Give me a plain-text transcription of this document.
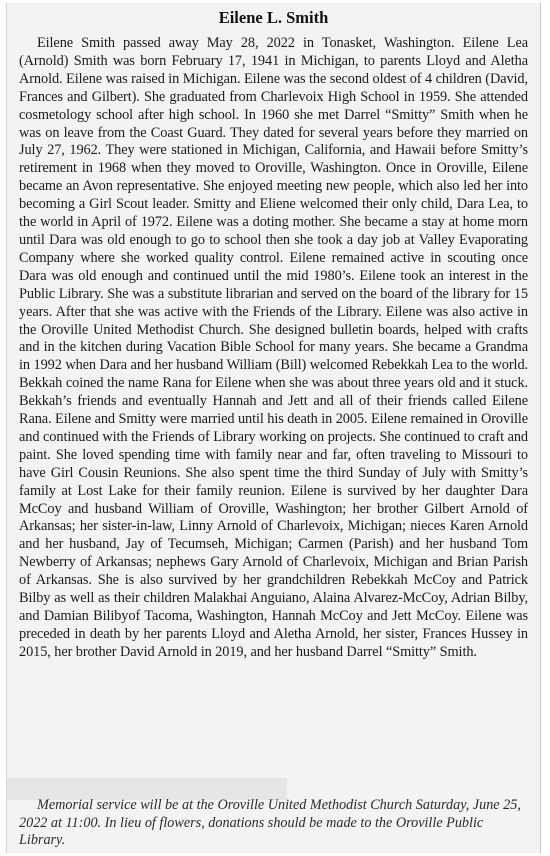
Eilene L. Smith

Eilene Smith passed away May 28, 2022 in Tonasket, Washington. Eilene Lea (Arnold) Smith was born February 17, 1941 in Michigan, to parents Lloyd and Aletha Arnold. Eilene was raised in Michigan. Eilene was the second oldest of 4 children (David, Frances and Gilbert). She graduated from Charlevoix High School in 1959. She attended cosmetology school after high school. In 1960 she met Darrel “Smitty” Smith when he was on leave from the Coast Guard. They dated for several years before they married on July 27, 1962. They were stationed in Michigan, California, and Hawaii before Smitty’s retirement in 1968 when they moved to Oroville, Washington. Once in Oroville, Eilene became an Avon representative. She enjoyed meeting new people, which also led her into becoming a Girl Scout leader. Smitty and Eliene welcomed their only child, Dara Lea, to the world in April of 1972. Eilene was a doting mother. She became a stay at home morn until Dara was old enough to go to school then she took a day job at Valley Evaporating Company where she worked quality control. Eilene remained active in scouting once Dara was old enough and continued until the mid 1980’s. Eilene took an interest in the Public Library. She was a substitute librarian and served on the board of the library for 15 years. After that she was active with the Friends of the Library. Eilene was also active in the Oroville United Methodist Church. She designed bulletin boards, helped with crafts and in the kitchen during Vacation Bible School for many years. She became a Grandma in 1992 when Dara and her husband William (Bill) welcomed Rebekkah Lea to the world. Bekkah coined the name Rana for Eilene when she was about three years old and it stuck. Bekkah’s friends and eventually Hannah and Jett and all of their friends called Eilene Rana. Eilene and Smitty were married until his death in 2005. Eilene remained in Oroville and continued with the Friends of Library working on projects. She continued to craft and paint. She loved spending time with family near and far, often traveling to Missouri to have Girl Cousin Reunions. She also spent time the third Sunday of July with Smitty’s family at Lost Lake for their family reunion. Eilene is survived by her daughter Dara McCoy and husband William of Oroville, Washington; her brother Gilbert Arnold of Arkansas; her sister-in-law, Linny Arnold of Charlevoix, Michigan; nieces Karen Arnold and her husband, Jay of Tecumseh, Michigan; Carmen (Parish) and her husband Tom Newberry of Arkansas; nephews Gary Arnold of Charlevoix, Michigan and Brian Parish of Arkansas. She is also survived by her grandchildren Rebekkah McCoy and Patrick Bilby as well as their children Malakhai Anguiano, Alaina Alvarez-McCoy, Adrian Bilby, and Damian Bilibyof Tacoma, Washington, Hannah McCoy and Jett McCoy. Eilene was preceded in death by her parents Lloyd and Aletha Arnold, her sister, Frances Hussey in 2015, her brother David Arnold in 2019, and her husband Darrel “Smitty” Smith.

Memorial service will be at the Oroville United Methodist Church Saturday, June 25, 2022 at 11:00. In lieu of flowers, donations should be made to the Oroville Public Library.
